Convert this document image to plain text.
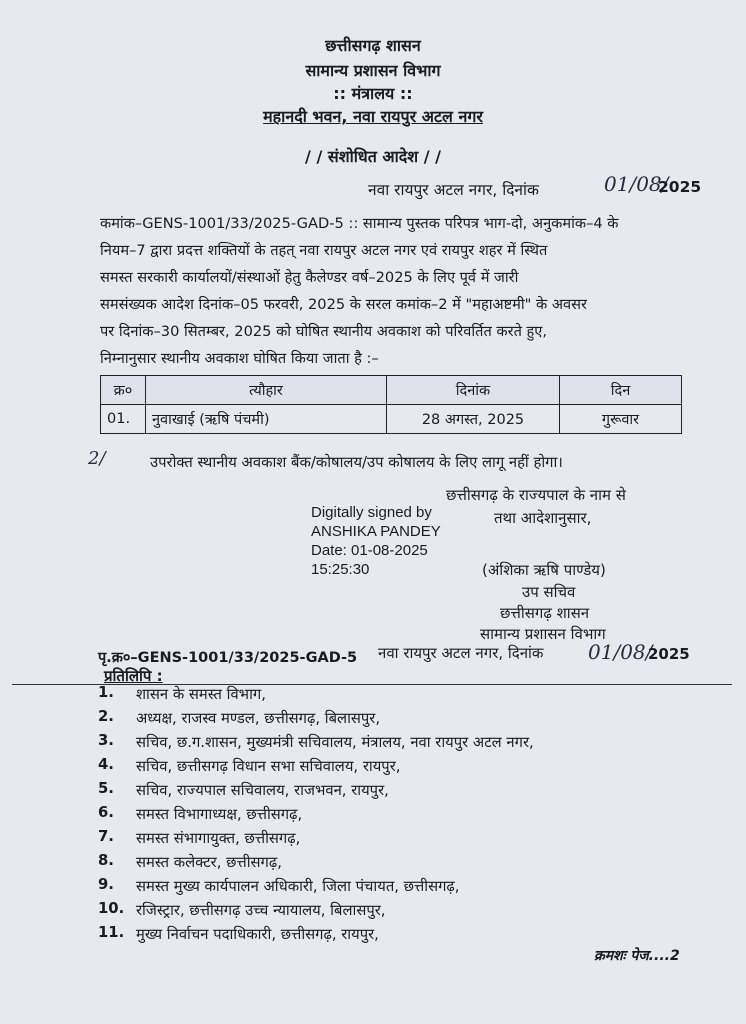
छत्तीसगढ़ शासन
सामान्य प्रशासन विभाग
:: मंत्रालय ::
महानदी भवन, नवा रायपुर अटल नगर
/ / संशोधित आदेश / /
नवा रायपुर अटल नगर, दिनांक	01/08/
2025
कमांक–GENS-1001/33/2025-GAD-5 :: सामान्य पुस्तक परिपत्र भाग-दो, अनुकमांक–4 के
नियम–7 द्वारा प्रदत्त शक्तियों के तहत् नवा रायपुर अटल नगर एवं रायपुर शहर में स्थित
समस्त सरकारी कार्यालयों/संस्थाओं हेतु कैलेण्डर वर्ष–2025 के लिए पूर्व में जारी
समसंख्यक आदेश दिनांक–05 फरवरी, 2025 के सरल कमांक–2 में "महाअष्टमी" के अवसर
पर दिनांक–30 सितम्बर, 2025 को घोषित स्थानीय अवकाश को परिवर्तित करते हुए,
निम्नानुसार स्थानीय अवकाश घोषित किया जाता है :–
क्र०	त्यौहार	दिनांक	दिन
01.	नुवाखाई (ऋषि पंचमी)	28 अगस्त, 2025	गुरूवार
2/	उपरोक्त स्थानीय अवकाश बैंक/कोषालय/उप कोषालय के लिए लागू नहीं होगा।
छत्तीसगढ़ के राज्यपाल के नाम से
तथा आदेशानुसार,
Digitally signed by
ANSHIKA PANDEY
Date: 01-08-2025
15:25:30	(अंशिका ऋषि पाण्डेय)
उप सचिव
छत्तीसगढ़ शासन
सामान्य प्रशासन विभाग
पृ.क्र०–GENS-1001/33/2025-GAD-5 नवा रायपुर अटल नगर, दिनांक 01/08/
2025
प्रतिलिपि :
1.	शासन के समस्त विभाग,
2.	अध्यक्ष, राजस्व मण्डल, छत्तीसगढ़, बिलासपुर,
3.	सचिव, छ.ग.शासन, मुख्यमंत्री सचिवालय, मंत्रालय, नवा रायपुर अटल नगर,
4.	सचिव, छत्तीसगढ़ विधान सभा सचिवालय, रायपुर,
5.	सचिव, राज्यपाल सचिवालय, राजभवन, रायपुर,
6.	समस्त विभागाध्यक्ष, छत्तीसगढ़,
7.	समस्त संभागायुक्त, छत्तीसगढ़,
8.	समस्त कलेक्टर, छत्तीसगढ़,
9.	समस्त मुख्य कार्यपालन अधिकारी, जिला पंचायत, छत्तीसगढ़,
10. रजिस्ट्रार, छत्तीसगढ़ उच्च न्यायालय, बिलासपुर,
11. मुख्य निर्वाचन पदाधिकारी, छत्तीसगढ़, रायपुर,
क्रमशः पेज....2
